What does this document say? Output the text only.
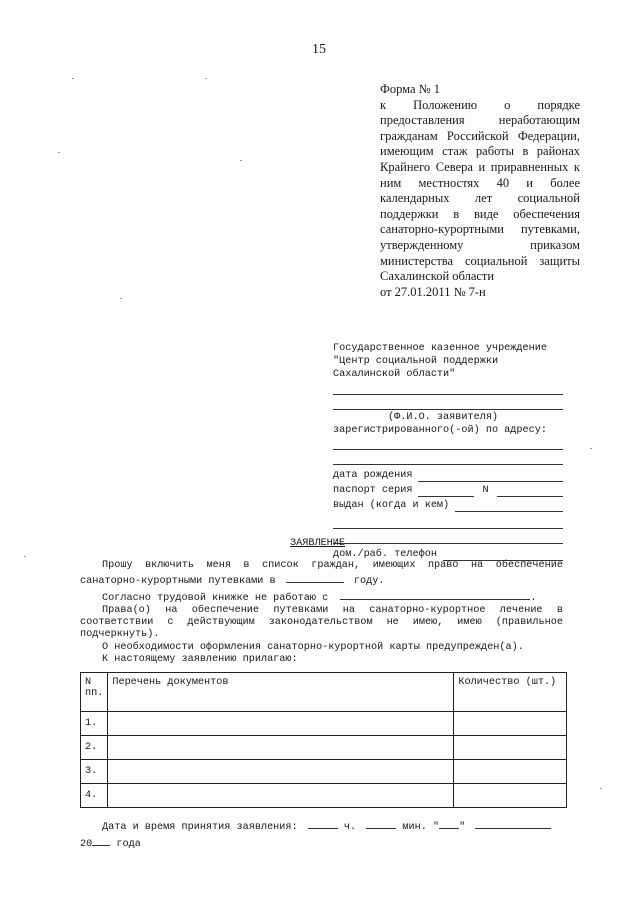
15
Форма № 1
к Положению о порядке
предоставления неработающим
гражданам Российской Федерации,
имеющим стаж работы в районах
Крайнего Севера и приравненных к
ним местностях 40 и более
календарных лет социальной
поддержки в виде обеспечения
санаторно-курортными путевками,
утвержденному приказом
министерства социальной защиты
Сахалинской области
от 27.01.2011 № 7-н
Государственное казенное учреждение
"Центр социальной поддержки
Сахалинской области"
(Ф.И.О. заявителя)
зарегистрированного(-ой) по адресу:
дата рождения
паспорт серия	N
выдан (когда и кем)
дом./раб. телефон
ЗАЯВЛЕНИЕ

Прошу включить меня в список граждан, имеющих право на обеспечение

санаторно-курортными путевками в	году.

Согласно трудовой книжке не работаю с	.

Права(о) на обеспечение путевками на санаторно-курортное лечение в

соответствии с действующим законодательством не имею, имею (правильное

подчеркнуть).

О необходимости оформления санаторно-курортной карты предупрежден(а).

К настоящему заявлению прилагаю:

N
пп.	Перечень документов	Количество (шт.)
1.		
2.		
3.		
4.		
Дата и время принятия заявления:	ч.	мин. " "
20 года
